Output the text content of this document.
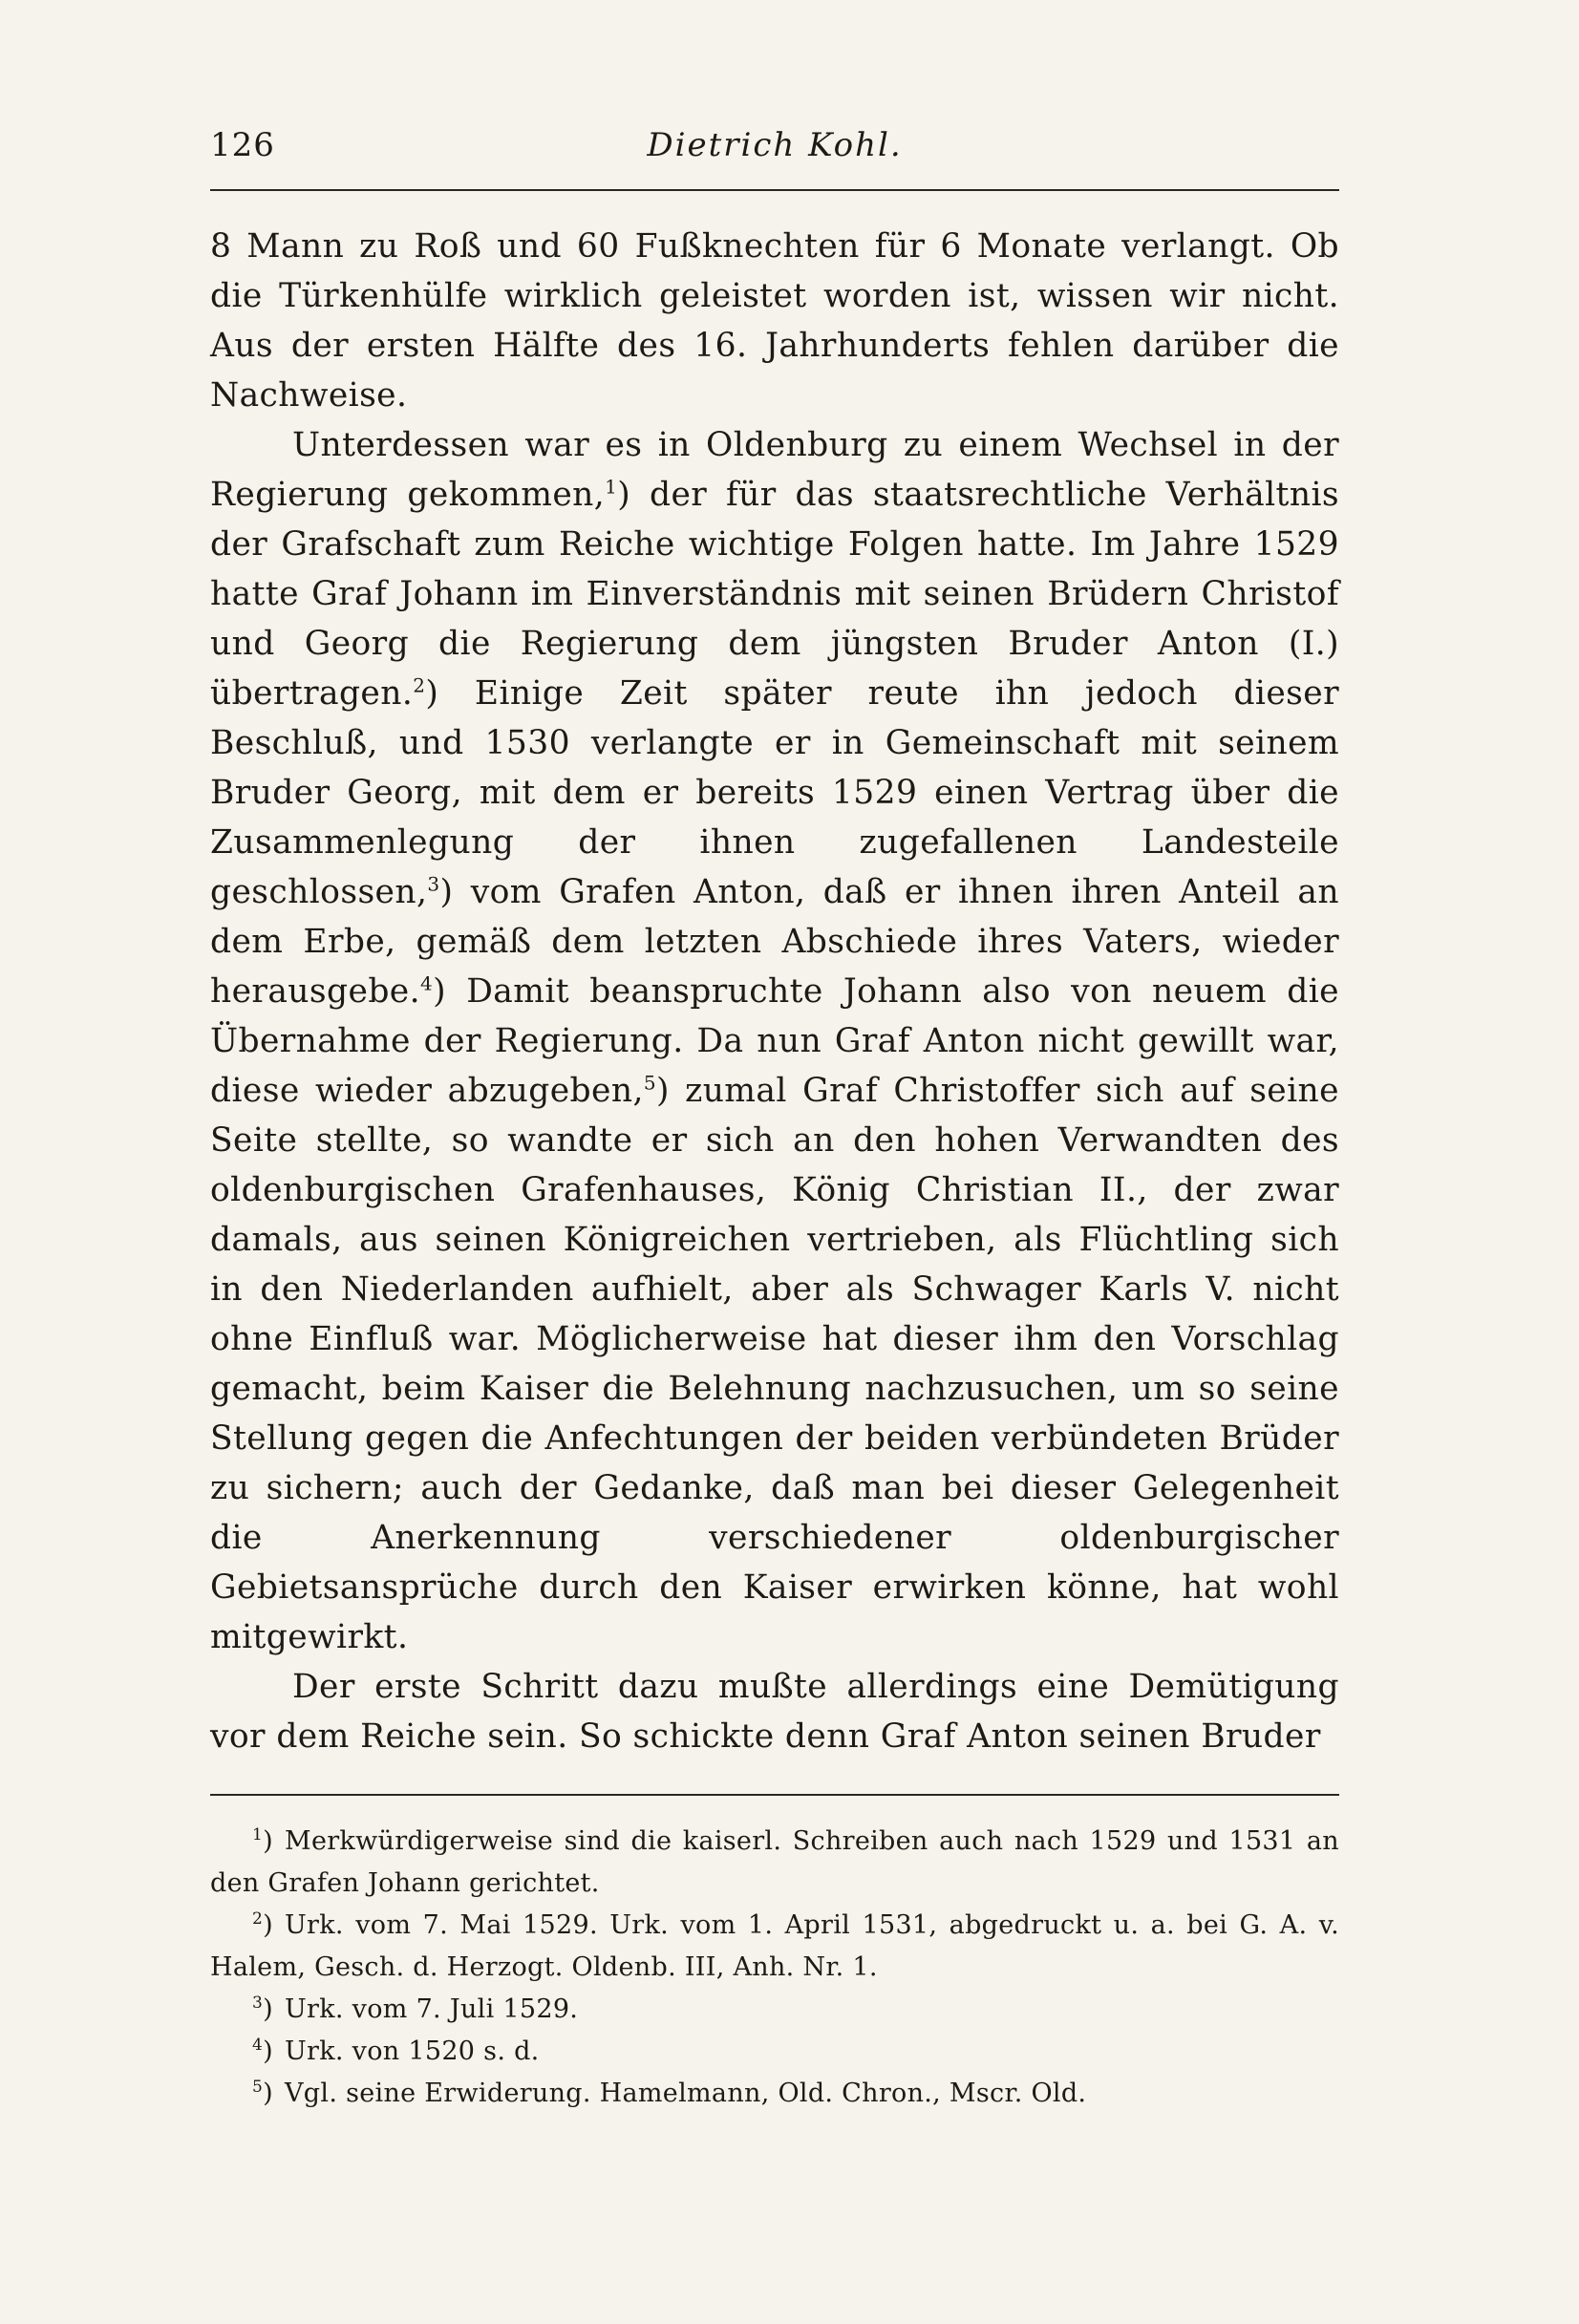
126	Dietrich Kohl.

8 Mann zu Roß und 60 Fußknechten für 6 Monate verlangt. Ob die Türkenhülfe wirklich geleistet worden ist, wissen wir nicht. Aus der ersten Hälfte des 16. Jahrhunderts fehlen darüber die Nachweise.

Unterdessen war es in Oldenburg zu einem Wechsel in der Regierung gekommen,$^1$) der für das staatsrechtliche Verhältnis der Grafschaft zum Reiche wichtige Folgen hatte. Im Jahre 1529 hatte Graf Johann im Einverständnis mit seinen Brüdern Christof und Georg die Regierung dem jüngsten Bruder Anton (I.) übertragen.$^2$) Einige Zeit später reute ihn jedoch dieser Beschluß, und 1530 verlangte er in Gemeinschaft mit seinem Bruder Georg, mit dem er bereits 1529 einen Vertrag über die Zusammenlegung der ihnen zugefallenen Landesteile geschlossen,$^3$) vom Grafen Anton, daß er ihnen ihren Anteil an dem Erbe, gemäß dem letzten Abschiede ihres Vaters, wieder herausgebe.$^4$) Damit beanspruchte Johann also von neuem die Übernahme der Regierung. Da nun Graf Anton nicht gewillt war, diese wieder abzugeben,$^5$) zumal Graf Christoffer sich auf seine Seite stellte, so wandte er sich an den hohen Verwandten des oldenburgischen Grafenhauses, König Christian II., der zwar damals, aus seinen Königreichen vertrieben, als Flüchtling sich in den Niederlanden aufhielt, aber als Schwager Karls V. nicht ohne Einfluß war. Möglicherweise hat dieser ihm den Vorschlag gemacht, beim Kaiser die Belehnung nachzusuchen, um so seine Stellung gegen die Anfechtungen der beiden verbündeten Brüder zu sichern; auch der Gedanke, daß man bei dieser Gelegenheit die Anerkennung verschiedener oldenburgischer Gebietsansprüche durch den Kaiser erwirken könne, hat wohl mitgewirkt.

Der erste Schritt dazu mußte allerdings eine Demütigung vor dem Reiche sein. So schickte denn Graf Anton seinen Bruder

$^1$) Merkwürdigerweise sind die kaiserl. Schreiben auch nach 1529 und 1531 an den Grafen Johann gerichtet.

$^2$) Urk. vom 7. Mai 1529. Urk. vom 1. April 1531, abgedruckt u. a. bei G. A. v. Halem, Gesch. d. Herzogt. Oldenb. III, Anh. Nr. 1.

$^3$) Urk. vom 7. Juli 1529.

$^4$) Urk. von 1520 s. d.

$^5$) Vgl. seine Erwiderung. Hamelmann, Old. Chron., Mscr. Old.
